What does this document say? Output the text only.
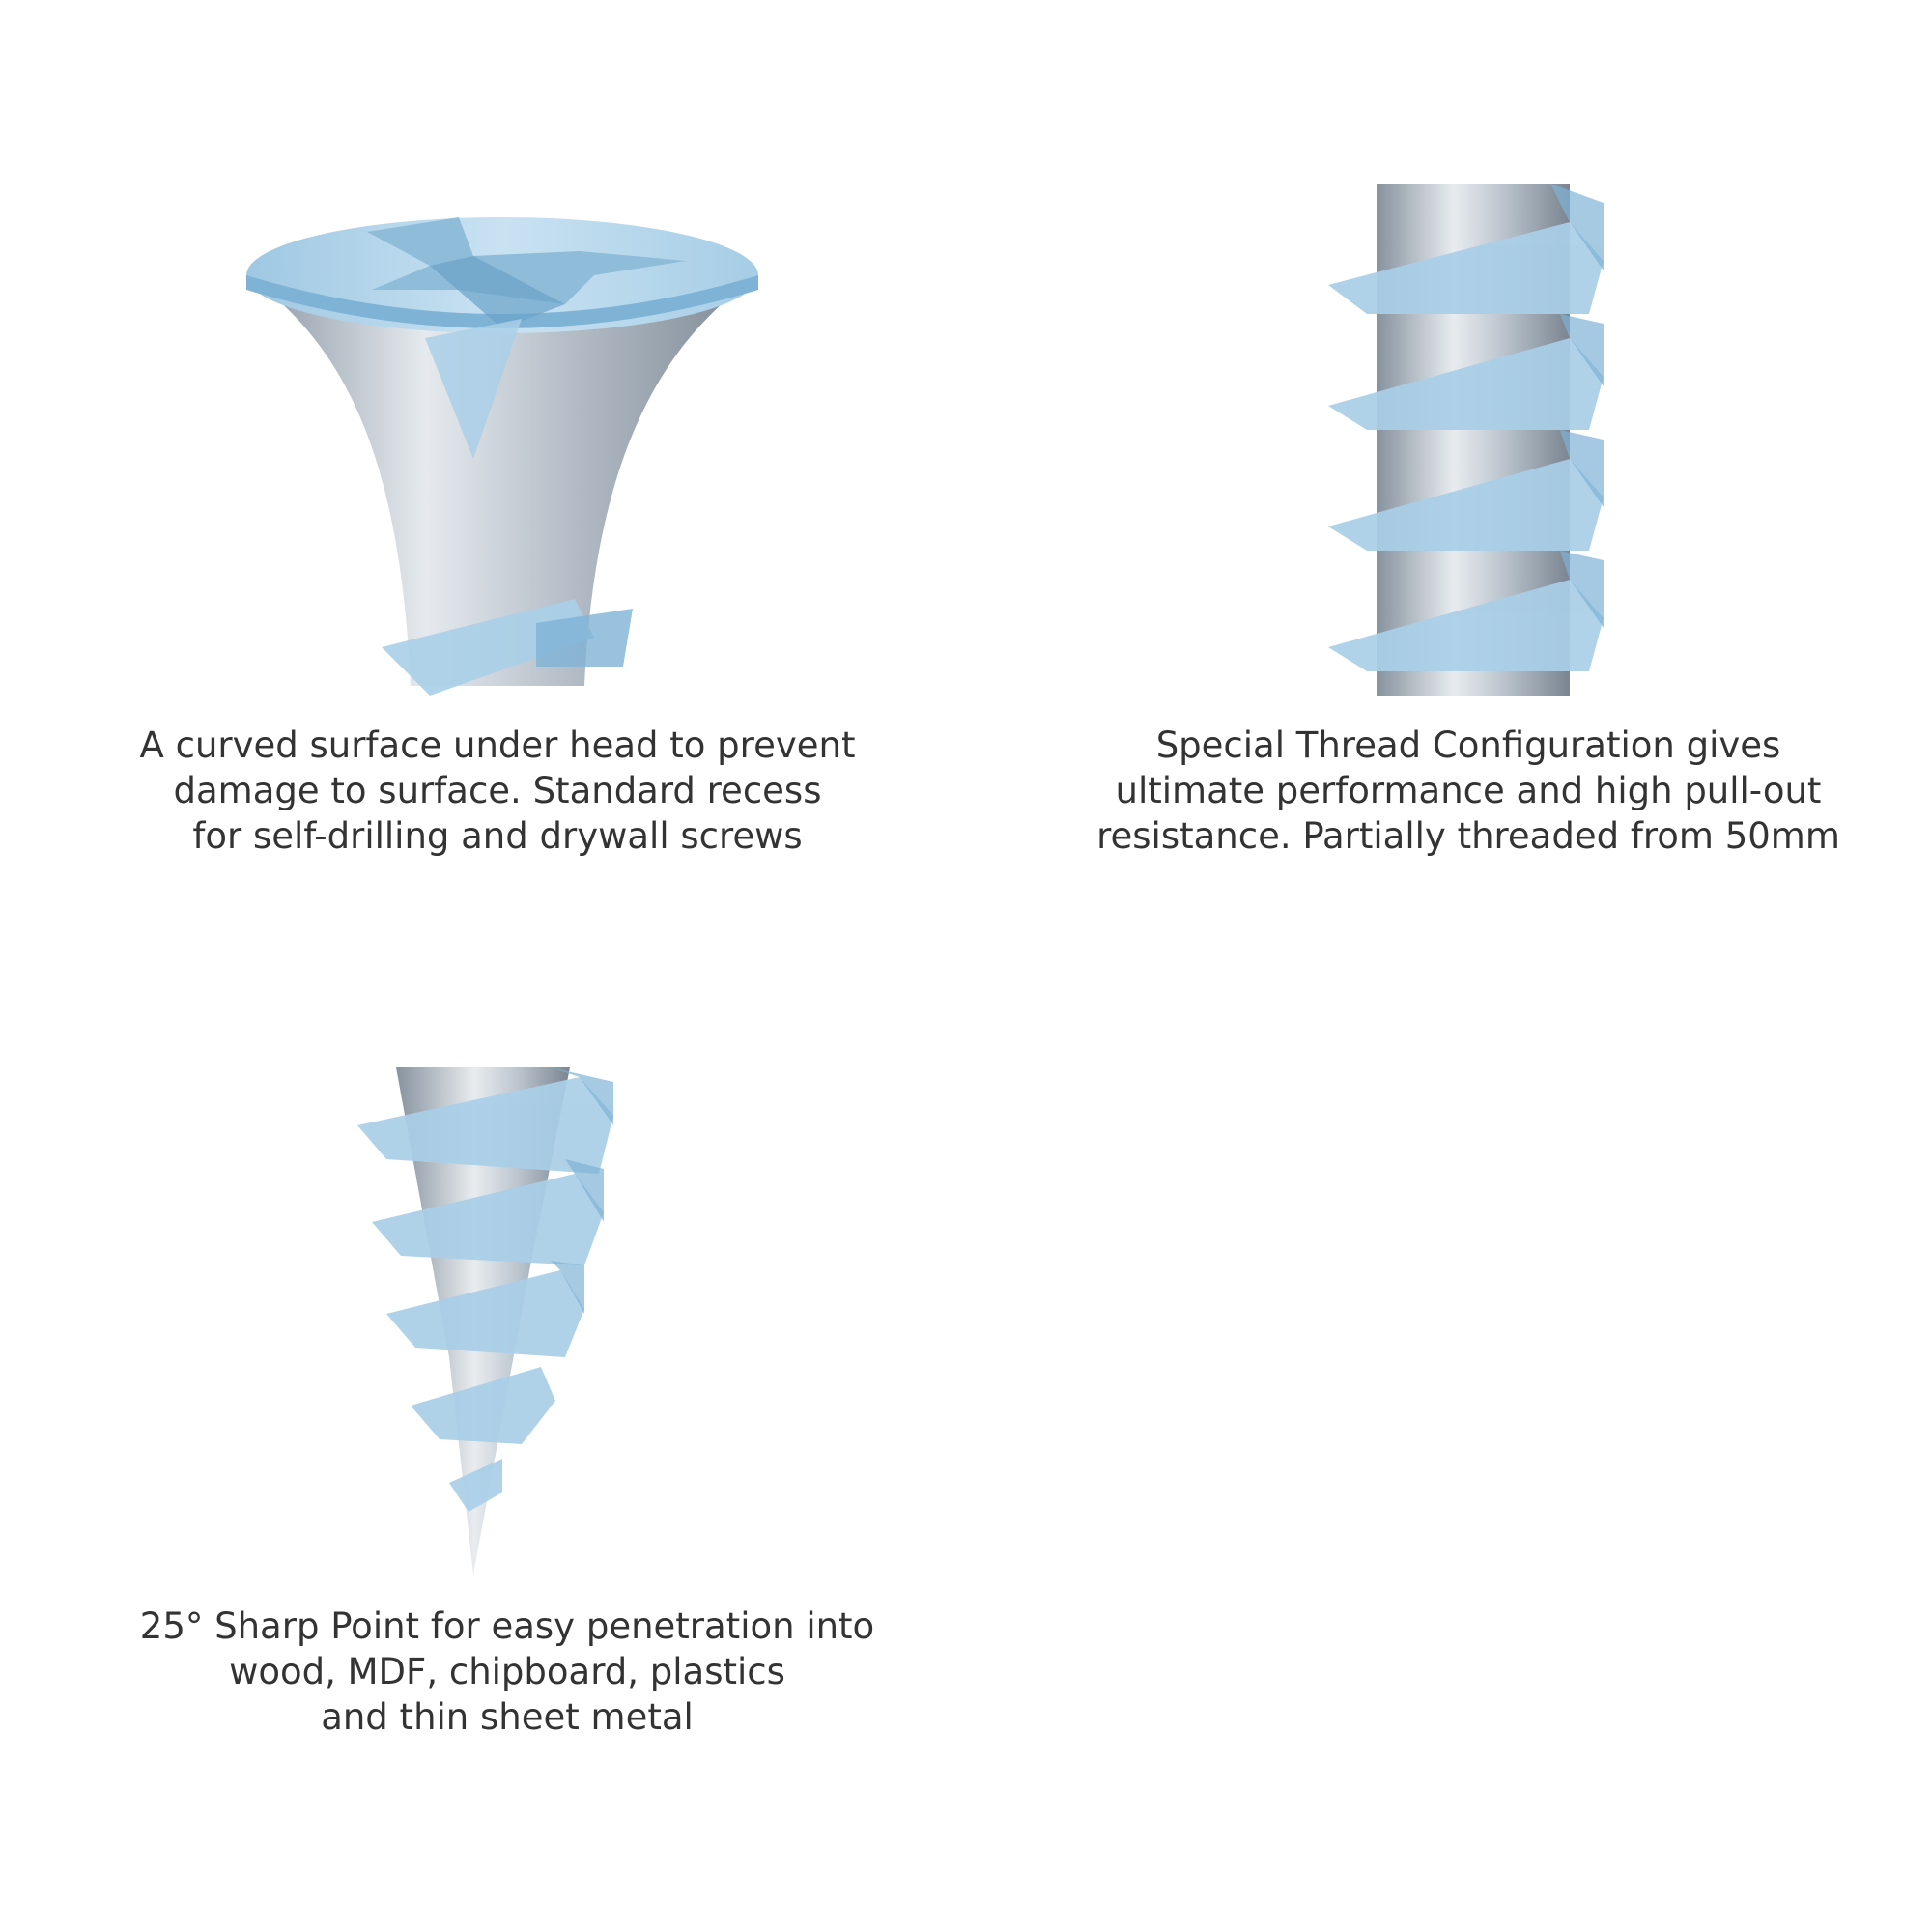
A curved surface under head to prevent
damage to surface. Standard recess
for self-drilling and drywall screws
Special Thread Configuration gives
ultimate performance and high pull-out
resistance. Partially threaded from 50mm
25° Sharp Point for easy penetration into
wood, MDF, chipboard, plastics
and thin sheet metal
